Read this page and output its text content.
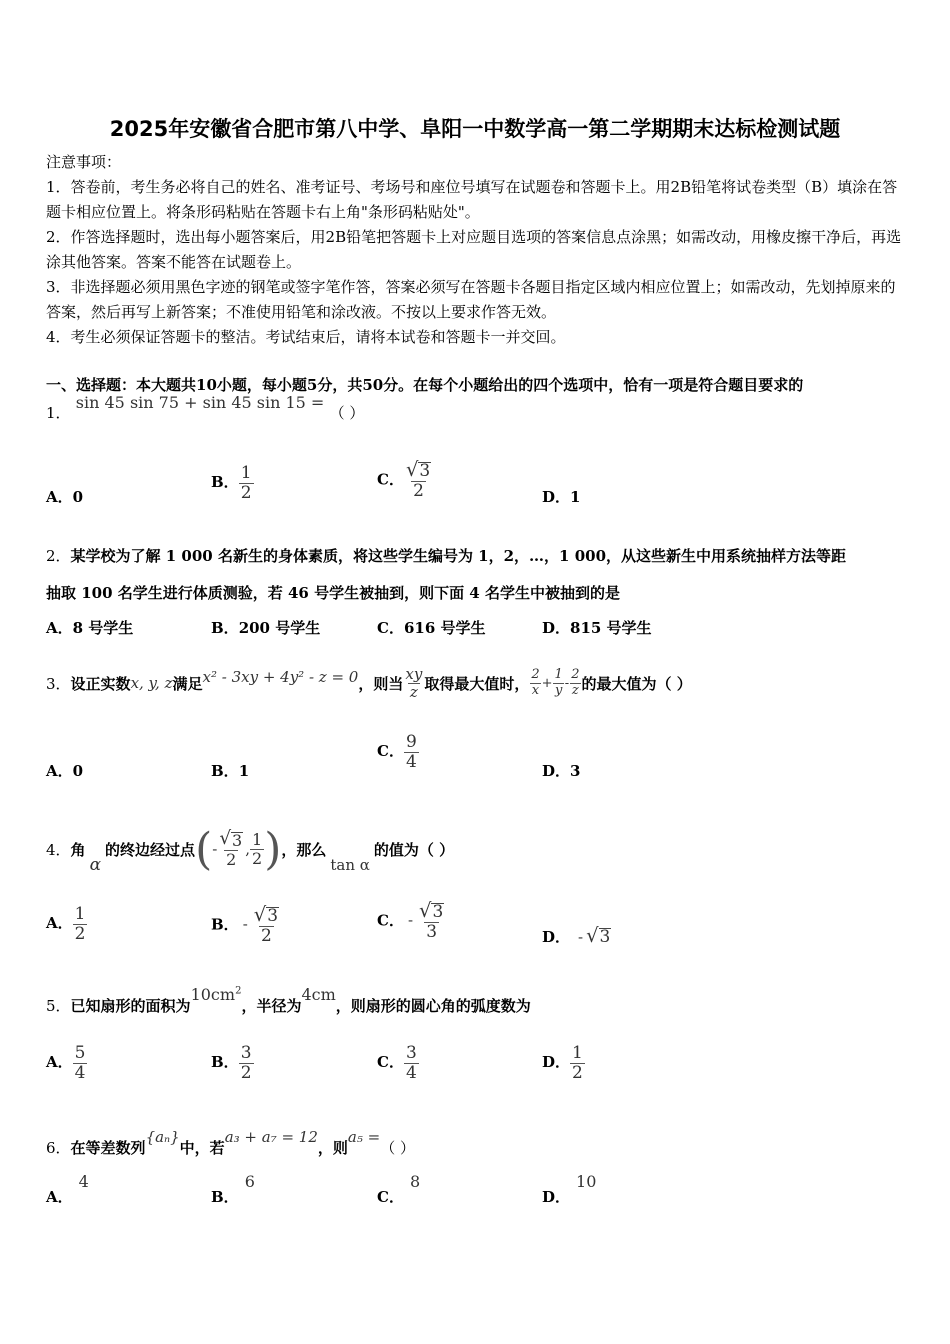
2025年安徽省合肥市第八中学、阜阳一中数学高一第二学期期末达标检测试题

注意事项：

1．答卷前，考生务必将自己的姓名、准考证号、考场号和座位号填写在试题卷和答题卡上。用2B铅笔将试卷类型（B）填涂在答题卡相应位置上。将条形码粘贴在答题卡右上角"条形码粘贴处"。

2．作答选择题时，选出每小题答案后，用2B铅笔把答题卡上对应题目选项的答案信息点涂黑；如需改动，用橡皮擦干净后，再选涂其他答案。答案不能答在试题卷上。

3．非选择题必须用黑色字迹的钢笔或签字笔作答，答案必须写在答题卡各题目指定区域内相应位置上；如需改动，先划掉原来的答案，然后再写上新答案；不准使用铅笔和涂改液。不按以上要求作答无效。

4．考生必须保证答题卡的整洁。考试结束后，请将本试卷和答题卡一并交回。

一、选择题：本大题共10小题，每小题5分，共50分。在每个小题给出的四个选项中，恰有一项是符合题目要求的
1． sin 45 sin 75 + sin 45 sin 15 = （ ）
A．0
B． $\frac{1}{2}$	C． $\frac{√ 3}{2}$	D．1
2．某学校为了解 1 000 名新生的身体素质，将这些学生编号为 1，2，…，1 000，从这些新生中用系统抽样方法等距
抽取 100 名学生进行体质测验，若 46 号学生被抽到，则下面 4 名学生中被抽到的是
A．8 号学生	B．200 号学生	C．616 号学生	D．815 号学生
3． 设正实数 x, y, z 满足 x² - 3xy + 4y² - z = 0 ，则当 $\frac{xy}{z}$ 取得最大值时， $\frac{2}{x} + \frac{1}{y} - \frac{2}{z}$ 的最大值为（ ）
A．0	B．1
C． $\frac{9}{4}$	D．3
4． 角
α
的终边经过点 ( - $\frac{√ 3}{2}$ , $\frac{1}{2}$ ) ，那么
tan α
的值为（ ）
A． $\frac{1}{2}$	B． - $\frac{√ 3}{2}$	C． - $\frac{√ 3}{3}$	D． - √ 3
5． 已知扇形的面积为
$10cm^2$
，半径为
4cm
，则扇形的圆心角的弧度数为
A． $\frac{5}{4}$	B． $\frac{3}{2}$	C． $\frac{3}{4}$	D． $\frac{1}{2}$
6． 在等差数列
{aₙ}
中，若
a₃ + a₇ = 12
，则
a₅ =
（ ）
A．
4
B．
6
C．
8
D．
10
